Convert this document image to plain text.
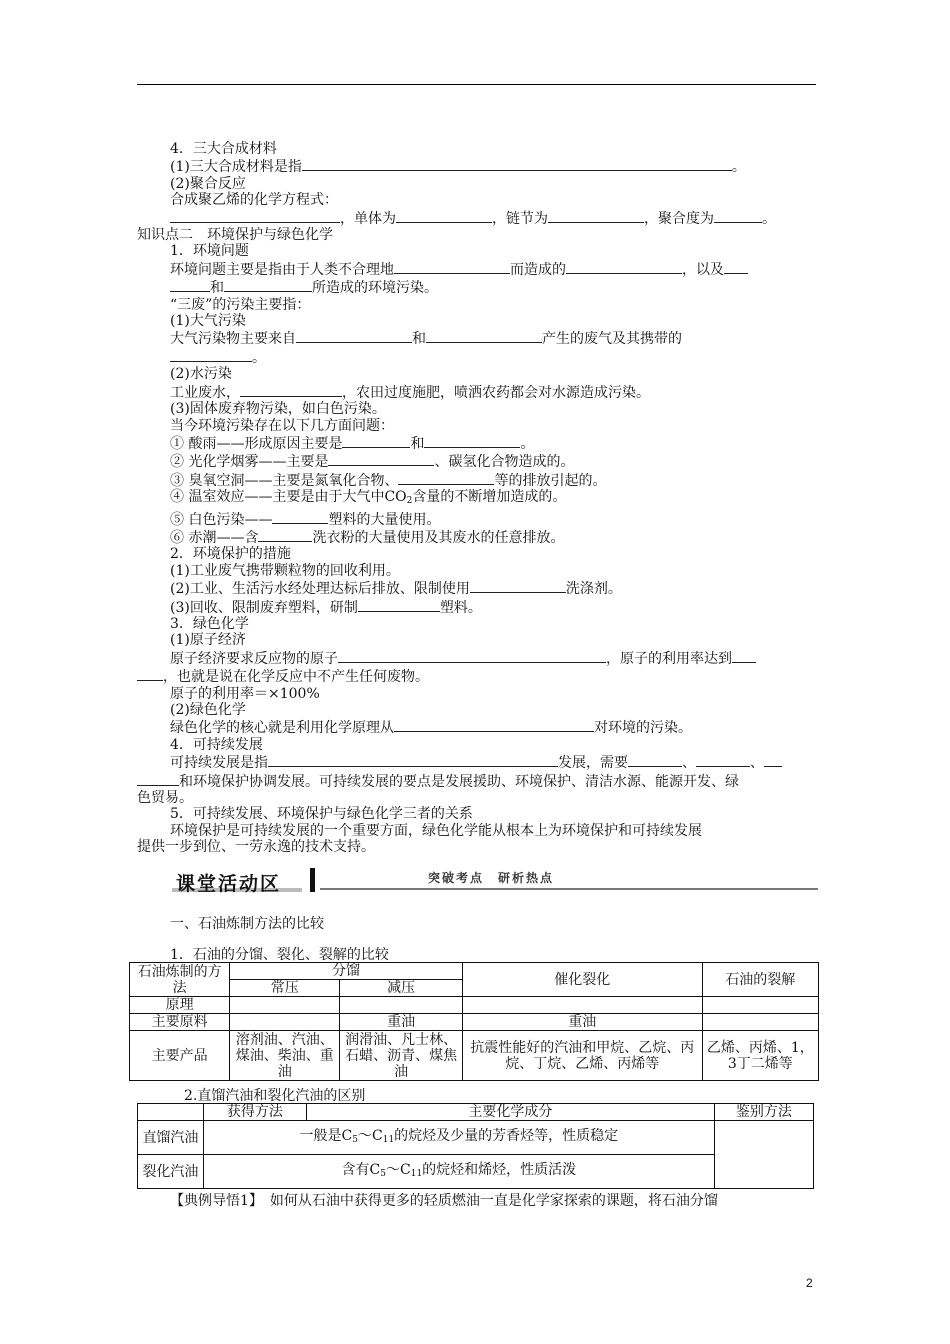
4．三大合成材料

(1)三大合成材料是指	。

(2)聚合反应

合成聚乙烯的化学方程式：

，单体为	，链节为	，聚合度为	。

知识点二　环境保护与绿色化学

1．环境问题

环境问题主要是指由于人类不合理地	而造成的	，以及

和	所造成的环境污染。

“三废”的污染主要指：

(1)大气污染

大气污染物主要来自	和	产生的废气及其携带的

。

(2)水污染

工业废水，	，农田过度施肥，喷洒农药都会对水源造成污染。

(3)固体废弃物污染，如白色污染。

当今环境污染存在以下几方面问题：

① 酸雨——形成原因主要是	和	。

② 光化学烟雾——主要是	、碳氢化合物造成的。

③ 臭氧空洞——主要是氮氧化合物、	等的排放引起的。

④ 温室效应——主要是由于大气中CO2含量的不断增加造成的。

⑤ 白色污染——	塑料的大量使用。

⑥ 赤潮——含	洗衣粉的大量使用及其废水的任意排放。

2．环境保护的措施

(1)工业废气携带颗粒物的回收利用。

(2)工业、生活污水经处理达标后排放、限制使用	洗涤剂。

(3)回收、限制废弃塑料，研制	塑料。

3．绿色化学

(1)原子经济

原子经济要求反应物的原子	，原子的利用率达到

，也就是说在化学反应中不产生任何废物。

原子的利用率＝×100%

(2)绿色化学

绿色化学的核心就是利用化学原理从	对环境的污染。

4．可持续发展

可持续发展是指	发展，需要	、	、

和环境保护协调发展。可持续发展的要点是发展援助、环境保护、清洁水源、能源开发、绿

色贸易。

5．可持续发展、环境保护与绿色化学三者的关系

环境保护是可持续发展的一个重要方面，绿色化学能从根本上为环境保护和可持续发展

提供一步到位、一劳永逸的技术支持。

课堂活动区	突破考点　研析热点
一、石油炼制方法的比较
1．石油的分馏、裂化、裂解的比较
石油炼制的方法	分馏		催化裂化	石油的裂解
	常压	减压		
原理				
主要原料		重油	重油	
主要产品	溶剂油、汽油、煤油、柴油、重油	润滑油、凡士林、石蜡、沥青、煤焦油	抗震性能好的汽油和甲烷、乙烷、丙烷、丁烷、乙烯、丙烯等	乙烯、丙烯、1，3丁二烯等
2.直馏汽油和裂化汽油的区别
	获得方法	主要化学成分	鉴别方法
直馏汽油	一般是C5～C11的烷烃及少量的芳香烃等，性质稳定		
裂化汽油	含有C5～C11的烷烃和烯烃，性质活泼		
【典例导悟1】　如何从石油中获得更多的轻质燃油一直是化学家探索的课题，将石油分馏
2
